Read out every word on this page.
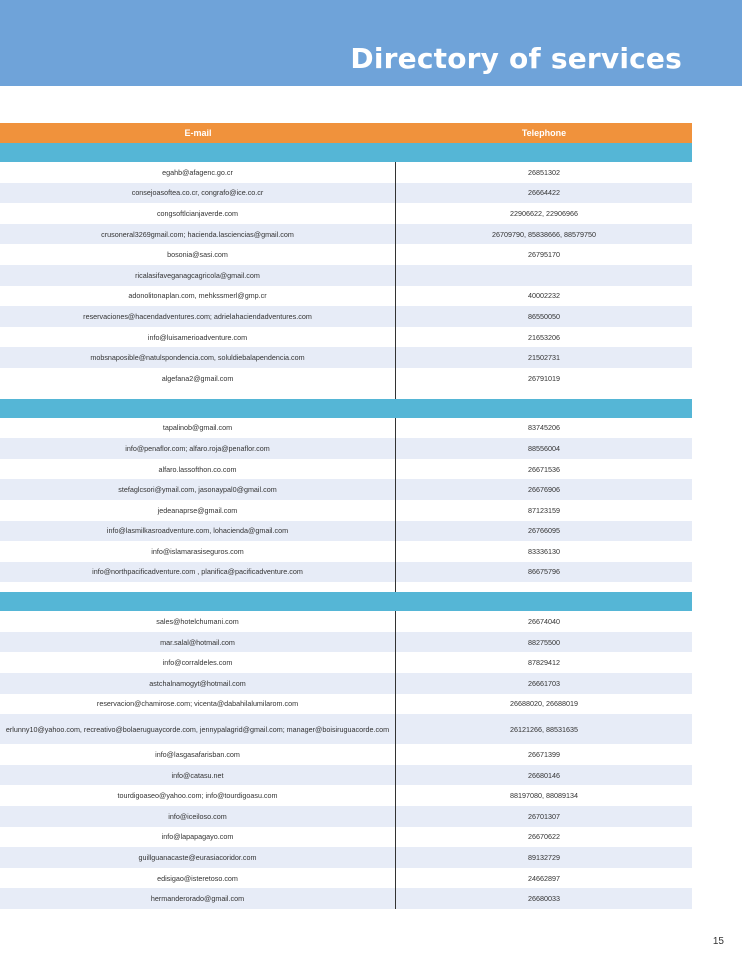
Directory of services
E-mail	Telephone
egahb@afagenc.go.cr	26851302
consejoasoftea.co.cr, congrafo@ice.co.cr	26664422
congsoftlcianjaverde.com	22906622, 22906966
crusoneral3269gmail.com; hacienda.lasciencias@gmail.com	26709790, 85838666, 88579750
bosonia@sasi.com	26795170
ricalasifaveganagcagricola@gmail.com
adonolitonaplan.com, mehkssmerl@gmp.cr	40002232
reservaciones@hacendadventures.com; adrielahaciendadventures.com	86550050
info@luisamerioadventure.com	21653206
mobsnaposible@natulspondencia.com, soluldiebalapendencia.com	21502731
algefana2@gmail.com	26791019
tapalinob@gmail.com	83745206
info@penaflor.com; alfaro.roja@penaflor.com	88556004
alfaro.lassofthon.co.com	26671536
stefaglcsori@ymail.com, jasonaypal0@gmail.com	26676906
jedeanaprse@gmail.com	87123159
info@lasmilkasroadventure.com, lohacienda@gmail.com	26766095
info@islamarasiseguros.com	83336130
info@northpacificadventure.com , planifica@pacificadventure.com	86675796
sales@hotelchumani.com	26674040
mar.salal@hotmail.com	88275500
info@corraldeles.com	87829412
astchalnamogyt@hotmail.com	26661703
reservacion@chamirose.com; vicenta@dabahilalumilarom.com	26688020, 26688019
erlunny10@yahoo.com, recreativo@bolaeruguaycorde.com, jennypalagrid@gmail.com; manager@boisiruguacorde.com	26121266, 88531635
info@lasgasafarisban.com	26671399
info@catasu.net	26680146
tourdigoaseo@yahoo.com; info@tourdigoasu.com	88197080, 88089134
info@iceiloso.com	26701307
info@lapapagayo.com	26670622
guillguanacaste@eurasiacoridor.com	89132729
edisigao@isteretoso.com	24662897
hermanderorado@gmail.com	26680033
15
